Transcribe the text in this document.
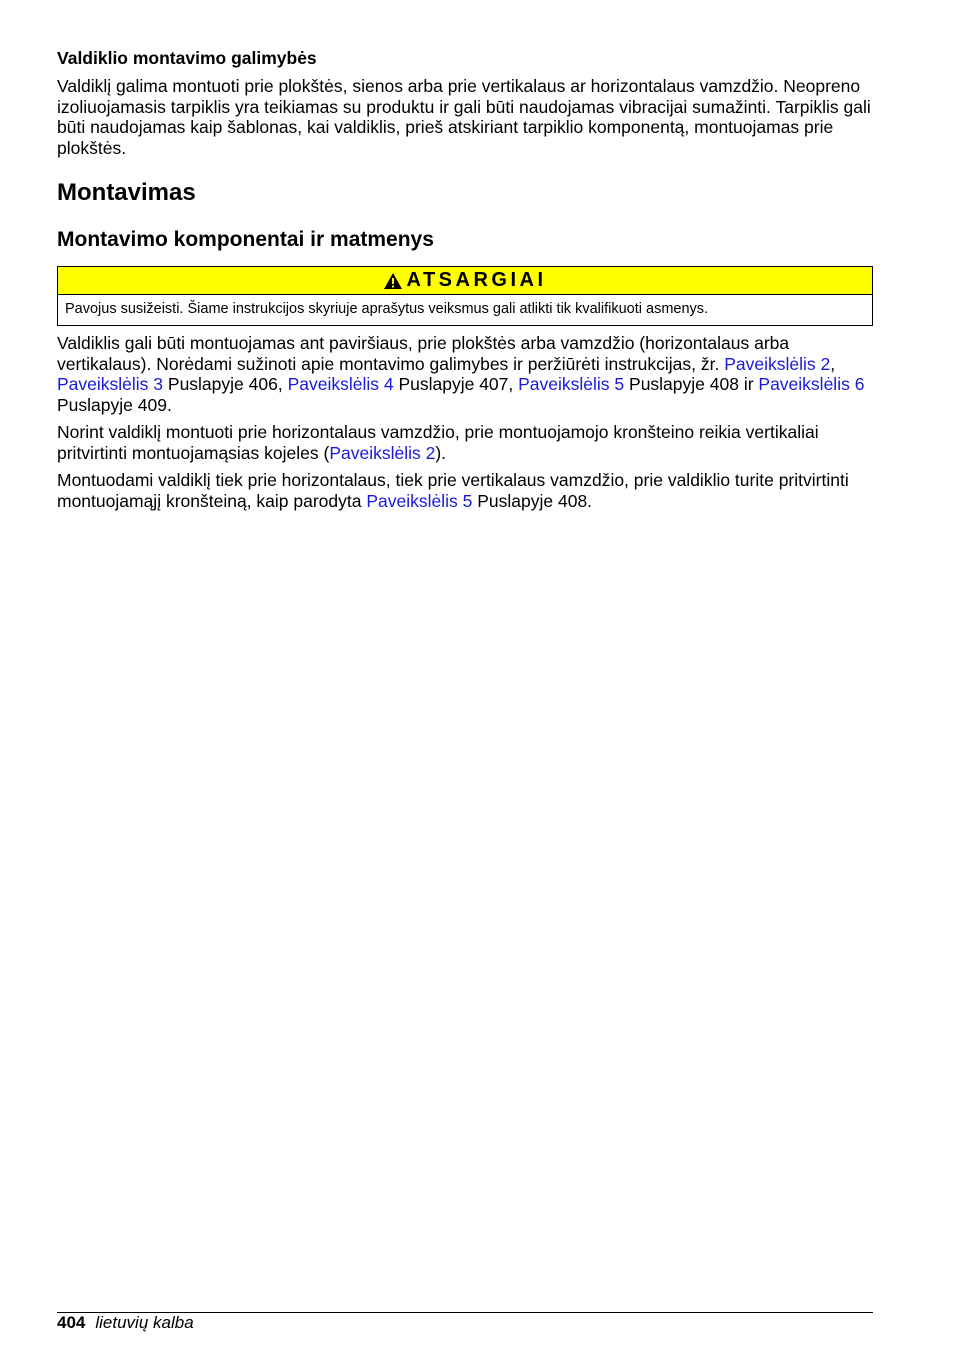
Valdiklio montavimo galimybės

Valdiklį galima montuoti prie plokštės, sienos arba prie vertikalaus ar horizontalaus vamzdžio. Neopreno izoliuojamasis tarpiklis yra teikiamas su produktu ir gali būti naudojamas vibracijai sumažinti. Tarpiklis gali būti naudojamas kaip šablonas, kai valdiklis, prieš atskiriant tarpiklio komponentą, montuojamas prie plokštės.

Montavimas
Montavimo komponentai ir matmenys
ATSARGIAI
Pavojus susižeisti. Šiame instrukcijos skyriuje aprašytus veiksmus gali atlikti tik kvalifikuoti asmenys.

Valdiklis gali būti montuojamas ant paviršiaus, prie plokštės arba vamzdžio (horizontalaus arba vertikalaus). Norėdami sužinoti apie montavimo galimybes ir peržiūrėti instrukcijas, žr. Paveikslėlis 2, Paveikslėlis 3 Puslapyje 406, Paveikslėlis 4 Puslapyje 407, Paveikslėlis 5 Puslapyje 408 ir Paveikslėlis 6 Puslapyje 409.

Norint valdiklį montuoti prie horizontalaus vamzdžio, prie montuojamojo kronšteino reikia vertikaliai pritvirtinti montuojamąsias kojeles (Paveikslėlis 2).

Montuodami valdiklį tiek prie horizontalaus, tiek prie vertikalaus vamzdžio, prie valdiklio turite pritvirtinti montuojamąjį kronšteiną, kaip parodyta Paveikslėlis 5 Puslapyje 408.

404 lietuvių kalba
